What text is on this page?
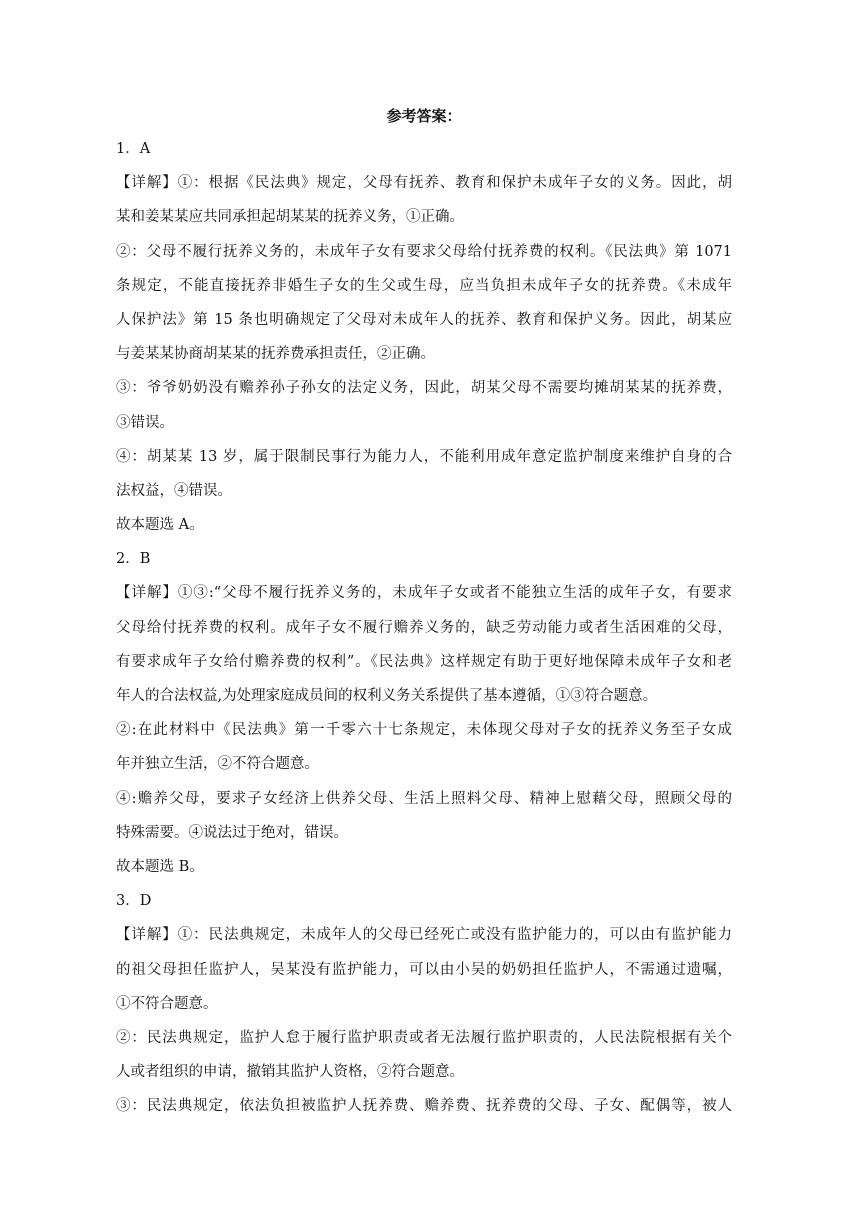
参考答案：
1．A
【详解】①：根据《民法典》规定，父母有抚养、教育和保护未成年子女的义务。因此，胡
某和姜某某应共同承担起胡某某的抚养义务，①正确。
②：父母不履行抚养义务的，未成年子女有要求父母给付抚养费的权利。《民法典》第 1071
条规定，不能直接抚养非婚生子女的生父或生母，应当负担未成年子女的抚养费。《未成年
人保护法》第 15 条也明确规定了父母对未成年人的抚养、教育和保护义务。因此，胡某应
与姜某某协商胡某某的抚养费承担责任，②正确。
③：爷爷奶奶没有赡养孙子孙女的法定义务，因此，胡某父母不需要均摊胡某某的抚养费，
③错误。
④：胡某某 13 岁，属于限制民事行为能力人，不能利用成年意定监护制度来维护自身的合
法权益，④错误。
故本题选 A。
2．B
【详解】①③:“父母不履行抚养义务的，未成年子女或者不能独立生活的成年子女，有要求
父母给付抚养费的权利。成年子女不履行赡养义务的，缺乏劳动能力或者生活困难的父母，
有要求成年子女给付赡养费的权利”。《民法典》这样规定有助于更好地保障未成年子女和老
年人的合法权益,为处理家庭成员间的权利义务关系提供了基本遵循，①③符合题意。
②:在此材料中《民法典》第一千零六十七条规定，未体现父母对子女的抚养义务至子女成
年并独立生活，②不符合题意。
④:赡养父母，要求子女经济上供养父母、生活上照料父母、精神上慰藉父母，照顾父母的
特殊需要。④说法过于绝对，错误。
故本题选 B。
3．D
【详解】①：民法典规定，未成年人的父母已经死亡或没有监护能力的，可以由有监护能力
的祖父母担任监护人，吴某没有监护能力，可以由小吴的奶奶担任监护人，不需通过遗嘱，
①不符合题意。
②：民法典规定，监护人怠于履行监护职责或者无法履行监护职责的，人民法院根据有关个
人或者组织的申请，撤销其监护人资格，②符合题意。
③：民法典规定，依法负担被监护人抚养费、赡养费、抚养费的父母、子女、配偶等，被人
